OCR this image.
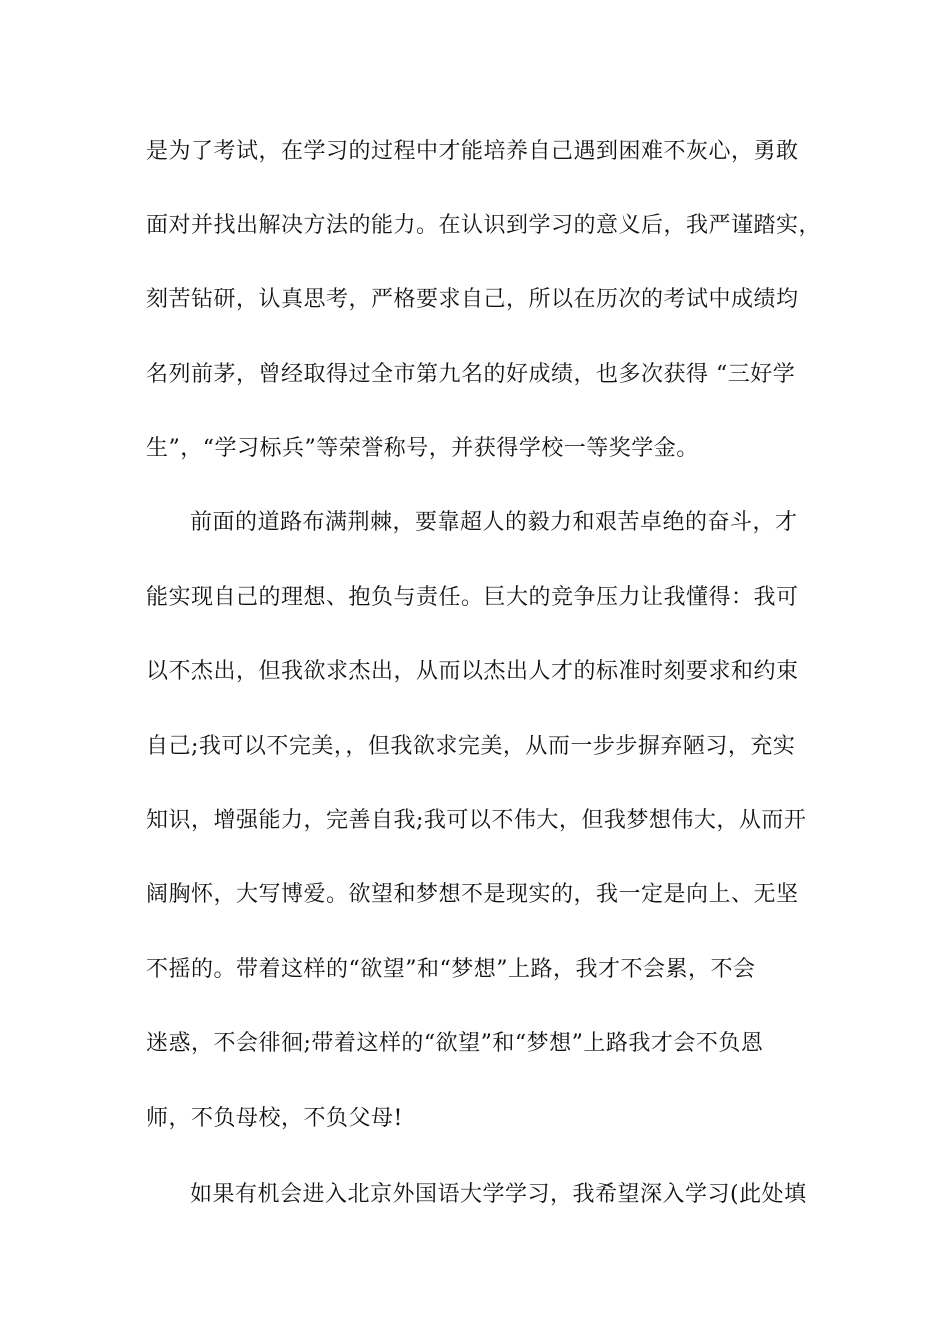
是为了考试，在学习的过程中才能培养自己遇到困难不灰心，勇敢
面对并找出解决方法的能力。在认识到学习的意义后，我严谨踏实，
刻苦钻研，认真思考，严格要求自己，所以在历次的考试中成绩均
名列前茅，曾经取得过全市第九名的好成绩，也多次获得 “三好学
生”，“学习标兵”等荣誉称号，并获得学校一等奖学金。
前面的道路布满荆棘，要靠超人的毅力和艰苦卓绝的奋斗，才
能实现自己的理想、抱负与责任。巨大的竞争压力让我懂得：我可
以不杰出，但我欲求杰出，从而以杰出人才的标准时刻要求和约束
自己;我可以不完美，，但我欲求完美，从而一步步摒弃陋习，充实
知识，增强能力，完善自我;我可以不伟大，但我梦想伟大，从而开
阔胸怀，大写博爱。欲望和梦想不是现实的，我一定是向上、无坚
不摇的。带着这样的“欲望”和“梦想”上路，我才不会累，不会
迷惑，不会徘徊;带着这样的“欲望”和“梦想”上路我才会不负恩
师，不负母校，不负父母!
如果有机会进入北京外国语大学学习，我希望深入学习(此处填
